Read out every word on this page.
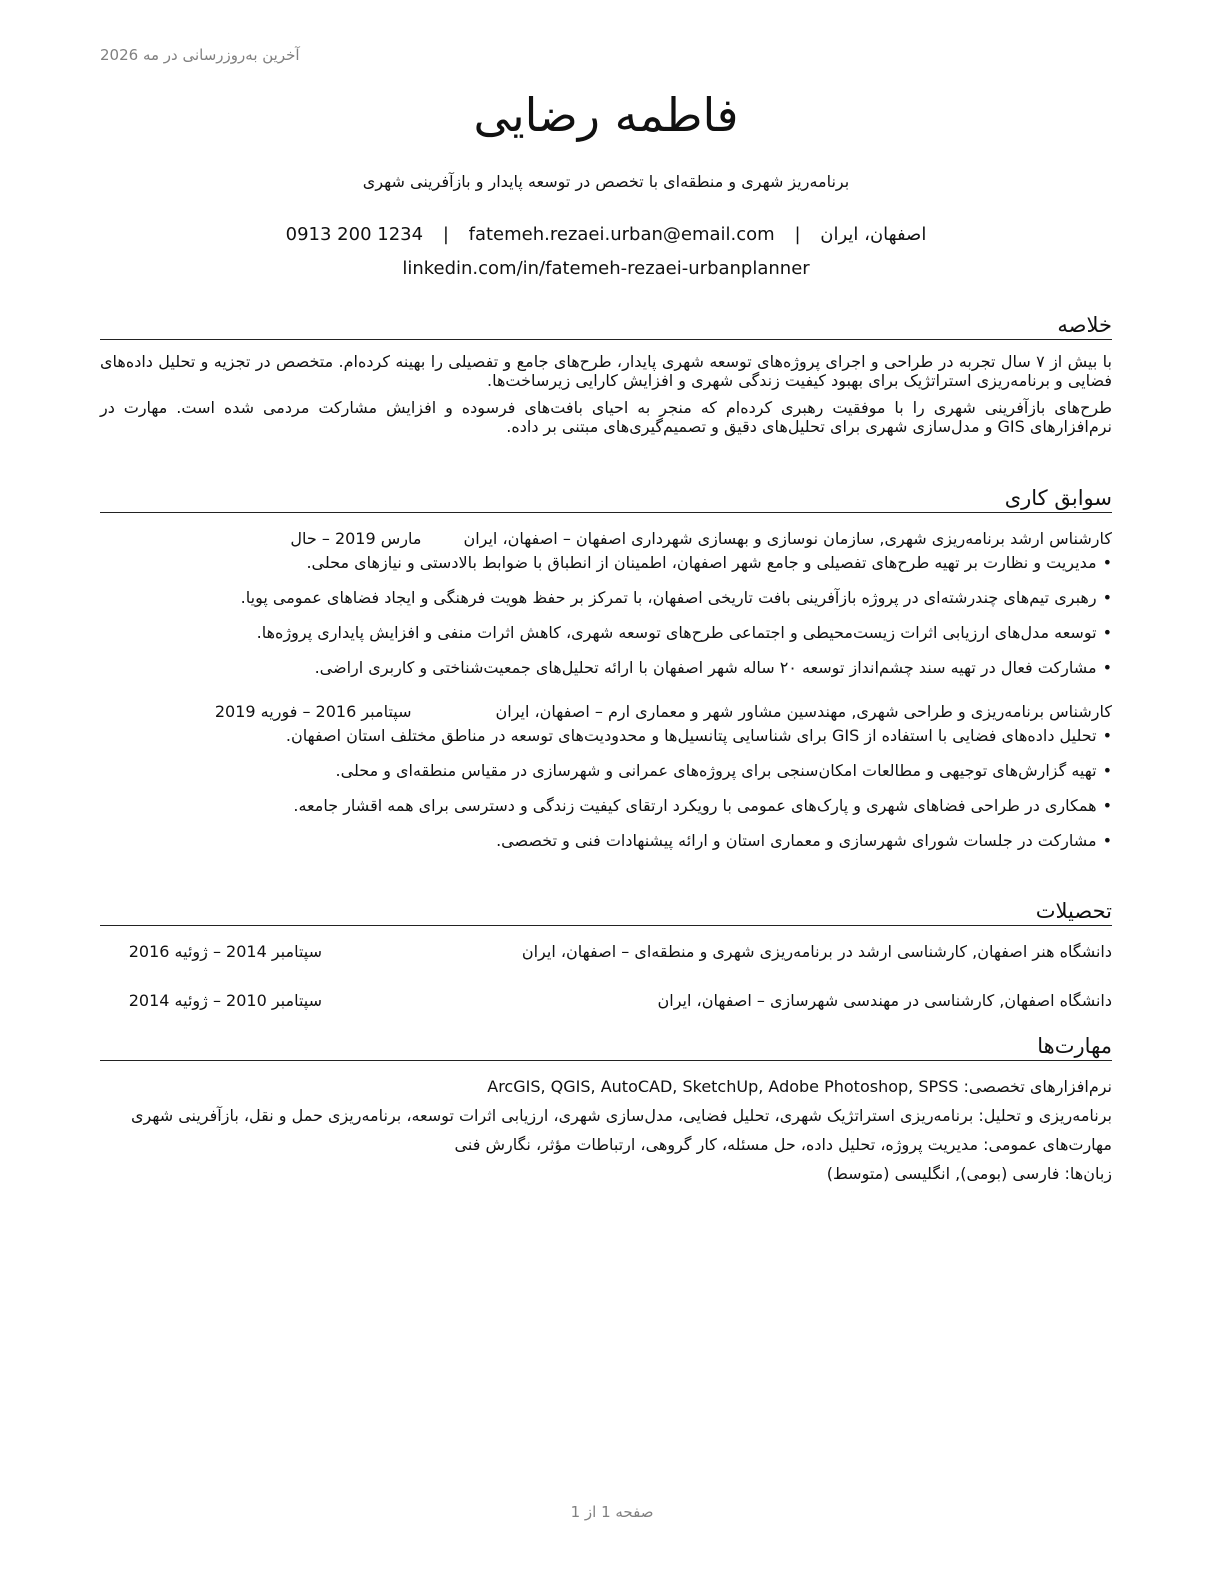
آخرین به‌روزرسانی در مه 2026
فاطمه رضایی
برنامه‌ریز شهری و منطقه‌ای با تخصص در توسعه پایدار و بازآفرینی شهری
اصفهان، ایران | fatemeh.rezaei.urban@email.com | 0913 200 1234
linkedin.com/in/fatemeh-rezaei-urbanplanner
خلاصه

با بیش از ۷ سال تجربه در طراحی و اجرای پروژه‌های توسعه شهری پایدار، طرح‌های جامع و تفصیلی را بهینه کرده‌ام. متخصص در تجزیه و تحلیل داده‌های فضایی و برنامه‌ریزی استراتژیک برای بهبود کیفیت زندگی شهری و افزایش کارایی زیرساخت‌ها.

طرح‌های بازآفرینی شهری را با موفقیت رهبری کرده‌ام که منجر به احیای بافت‌های فرسوده و افزایش مشارکت مردمی شده است. مهارت در نرم‌افزارهای GIS و مدل‌سازی شهری برای تحلیل‌های دقیق و تصمیم‌گیری‌های مبتنی بر داده.

سوابق کاری
کارشناس ارشد برنامه‌ریزی شهری, سازمان نوسازی و بهسازی شهرداری اصفهان – اصفهان، ایران
مارس 2019 – حال
• مدیریت و نظارت بر تهیه طرح‌های تفصیلی و جامع شهر اصفهان، اطمینان از انطباق با ضوابط بالادستی و نیازهای محلی.
• رهبری تیم‌های چندرشته‌ای در پروژه بازآفرینی بافت تاریخی اصفهان، با تمرکز بر حفظ هویت فرهنگی و ایجاد فضاهای عمومی پویا.
• توسعه مدل‌های ارزیابی اثرات زیست‌محیطی و اجتماعی طرح‌های توسعه شهری، کاهش اثرات منفی و افزایش پایداری پروژه‌ها.
• مشارکت فعال در تهیه سند چشم‌انداز توسعه ۲۰ ساله شهر اصفهان با ارائه تحلیل‌های جمعیت‌شناختی و کاربری اراضی.
کارشناس برنامه‌ریزی و طراحی شهری, مهندسین مشاور شهر و معماری ارم – اصفهان، ایران
سپتامبر 2016 – فوریه 2019
• تحلیل داده‌های فضایی با استفاده از GIS برای شناسایی پتانسیل‌ها و محدودیت‌های توسعه در مناطق مختلف استان اصفهان.
• تهیه گزارش‌های توجیهی و مطالعات امکان‌سنجی برای پروژه‌های عمرانی و شهرسازی در مقیاس منطقه‌ای و محلی.
• همکاری در طراحی فضاهای شهری و پارک‌های عمومی با رویکرد ارتقای کیفیت زندگی و دسترسی برای همه اقشار جامعه.
• مشارکت در جلسات شورای شهرسازی و معماری استان و ارائه پیشنهادات فنی و تخصصی.
تحصیلات
دانشگاه هنر اصفهان, کارشناسی ارشد در برنامه‌ریزی شهری و منطقه‌ای – اصفهان، ایران
سپتامبر 2014 – ژوئیه 2016
دانشگاه اصفهان, کارشناسی در مهندسی شهرسازی – اصفهان، ایران
سپتامبر 2010 – ژوئیه 2014
مهارت‌ها
نرم‌افزارهای تخصصی: ArcGIS, QGIS, AutoCAD, SketchUp, Adobe Photoshop, SPSS
برنامه‌ریزی و تحلیل: برنامه‌ریزی استراتژیک شهری، تحلیل فضایی، مدل‌سازی شهری، ارزیابی اثرات توسعه، برنامه‌ریزی حمل و نقل، بازآفرینی شهری
مهارت‌های عمومی: مدیریت پروژه، تحلیل داده، حل مسئله، کار گروهی، ارتباطات مؤثر، نگارش فنی
زبان‌ها: فارسی (بومی), انگلیسی (متوسط)
صفحه 1 از 1
